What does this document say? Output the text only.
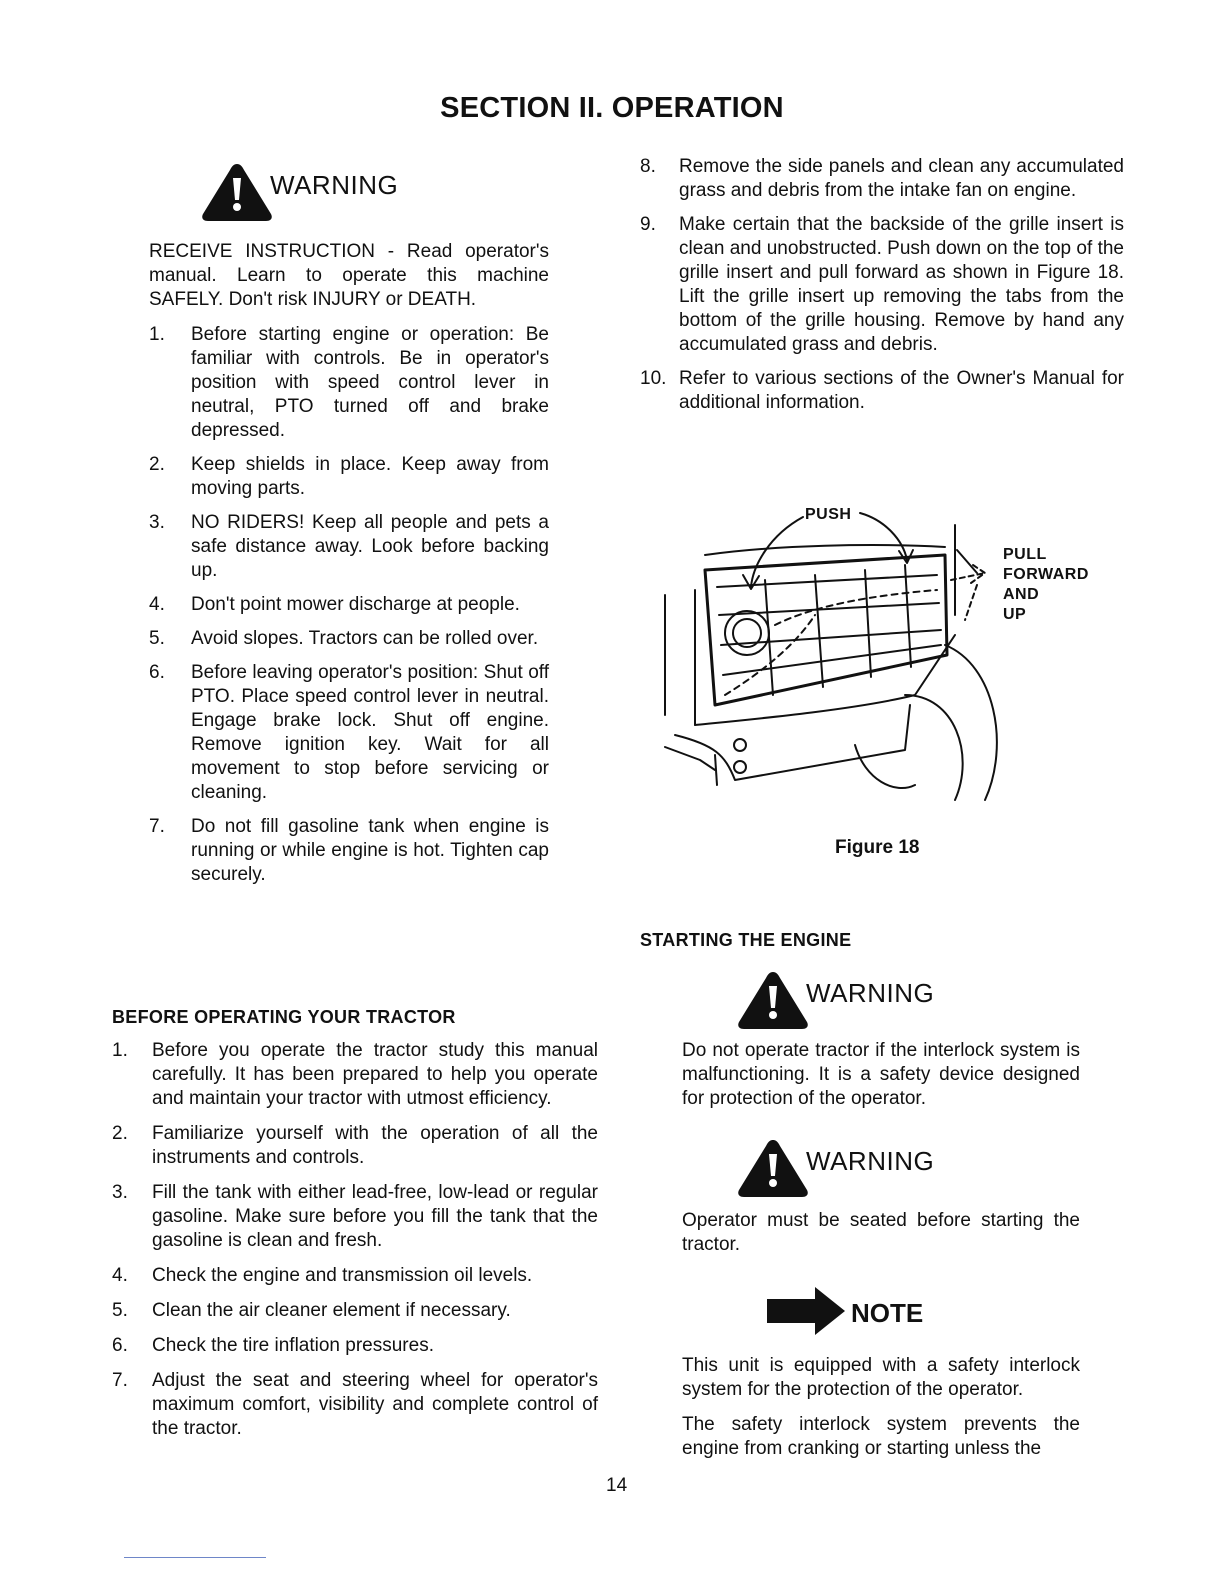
SECTION II. OPERATION
WARNING
RECEIVE INSTRUCTION - Read operator's manual. Learn to operate this machine SAFELY. Don't risk INJURY or DEATH.
1. Before starting engine or operation: Be familiar with controls. Be in operator's position with speed control lever in neutral, PTO turned off and brake depressed.
2. Keep shields in place. Keep away from moving parts.
3. NO RIDERS! Keep all people and pets a safe distance away. Look before backing up.
4. Don't point mower discharge at people.
5. Avoid slopes. Tractors can be rolled over.
6. Before leaving operator's position: Shut off PTO. Place speed control lever in neutral. Engage brake lock. Shut off engine. Remove ignition key. Wait for all movement to stop before servicing or cleaning.
7. Do not fill gasoline tank when engine is running or while engine is hot. Tighten cap securely.
BEFORE OPERATING YOUR TRACTOR
1. Before you operate the tractor study this manual carefully. It has been prepared to help you operate and maintain your tractor with utmost efficiency.
2. Familiarize yourself with the operation of all the instruments and controls.
3. Fill the tank with either lead-free, low-lead or regular gasoline. Make sure before you fill the tank that the gasoline is clean and fresh.
4. Check the engine and transmission oil levels.
5. Clean the air cleaner element if necessary.
6. Check the tire inflation pressures.
7. Adjust the seat and steering wheel for operator's maximum comfort, visibility and complete control of the tractor.
8. Remove the side panels and clean any accumulated grass and debris from the intake fan on engine.
9. Make certain that the backside of the grille insert is clean and unobstructed. Push down on the top of the grille insert and pull forward as shown in Figure 18. Lift the grille insert up removing the tabs from the bottom of the grille housing. Remove by hand any accumulated grass and debris.
10. Refer to various sections of the Owner's Manual for additional information.
PUSH
PULL
FORWARD
AND
UP
Figure 18
STARTING THE ENGINE
WARNING
Do not operate tractor if the interlock system is malfunctioning. It is a safety device designed for protection of the operator.
WARNING
Operator must be seated before starting the tractor.
NOTE
This unit is equipped with a safety interlock system for the protection of the operator.
The safety interlock system prevents the engine from cranking or starting unless the
14
